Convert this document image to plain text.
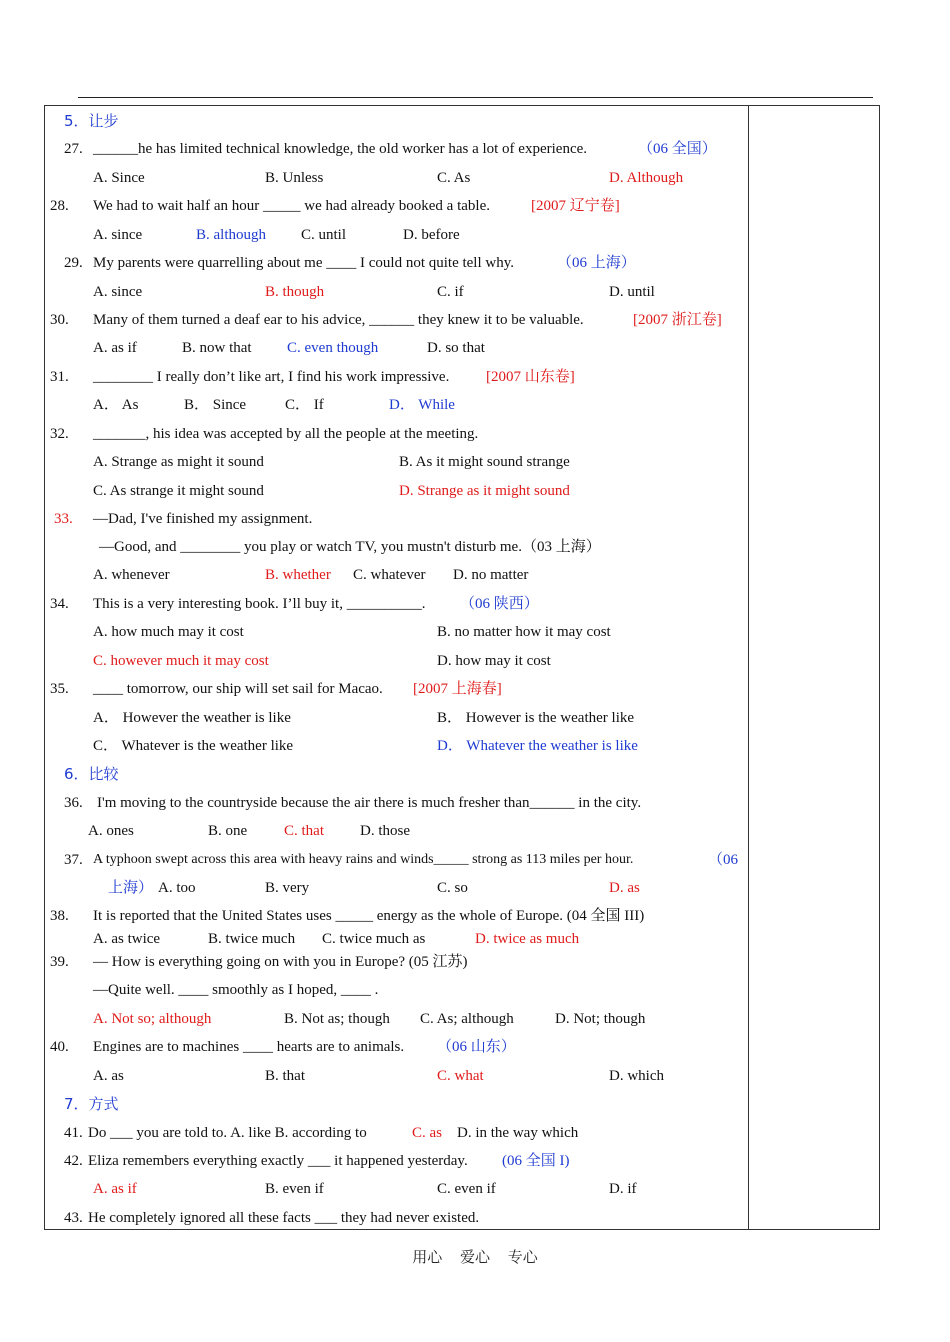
5．让步
27. ______he has limited technical knowledge, the old worker has a lot of experience.	（06 全国）
A. Since	B. Unless	C. As	D. Although
28. We had to wait half an hour _____ we had already booked a table.	[2007 辽宁卷]
A. since	B. although C. until	D. before
29. My parents were quarrelling about me ____ I could not quite tell why.	（06 上海）
A. since	B. though	C. if	D. until
30. Many of them turned a deaf ear to his advice, ______ they knew it to be valuable.	[2007 浙江卷]
A. as if	B. now that C. even though	D. so that
31. ________ I really don’t like art, I find his work impressive. [2007 山东卷]
A． As	B． Since	C． If	D． While
32. _______, his idea was accepted by all the people at the meeting.
A. Strange as might it sound	B. As it might sound strange
C. As strange it might sound	D. Strange as it might sound
33. —Dad, I've finished my assignment.
—Good, and ________ you play or watch TV, you mustn't disturb me.（03 上海）
A. whenever	B. whether C. whatever D. no matter
34. This is a very interesting book. I’ll buy it, __________. （06 陕西）
A. how much may it cost	B. no matter how it may cost
C. however much it may cost	D. how may it cost
35. ____ tomorrow, our ship will set sail for Macao. [2007 上海春]
A． However the weather is like	B． However is the weather like
C． Whatever is the weather like	D． Whatever the weather is like
6．比较
36. I'm moving to the countryside because the air there is much fresher than______ in the city.
A. ones	B. one C. that D. those
37. A typhoon swept across this area with heavy rains and winds_____ strong as 113 miles per hour.	（06
上海） A. too	B. very	C. so	D. as
38. It is reported that the United States uses _____ energy as the whole of Europe. (04 全国 III)
A. as twice	B. twice much C. twice much as	D. twice as much
39. — How is everything going on with you in Europe? (05 江苏)
—Quite well. ____ smoothly as I hoped, ____ .
A. Not so; although	B. Not as; though C. As; although	D. Not; though
40. Engines are to machines ____ hearts are to animals. （06 山东）
A. as	B. that	C. what	D. which
7．方式
41. Do ___ you are told to. A. like B. according to	C. as D. in the way which
42. Eliza remembers everything exactly ___ it happened yesterday. (06 全国 I)
A. as if	B. even if	C. even if	D. if
43. He completely ignored all these facts ___ they had never existed.
用心 爱心 专心
